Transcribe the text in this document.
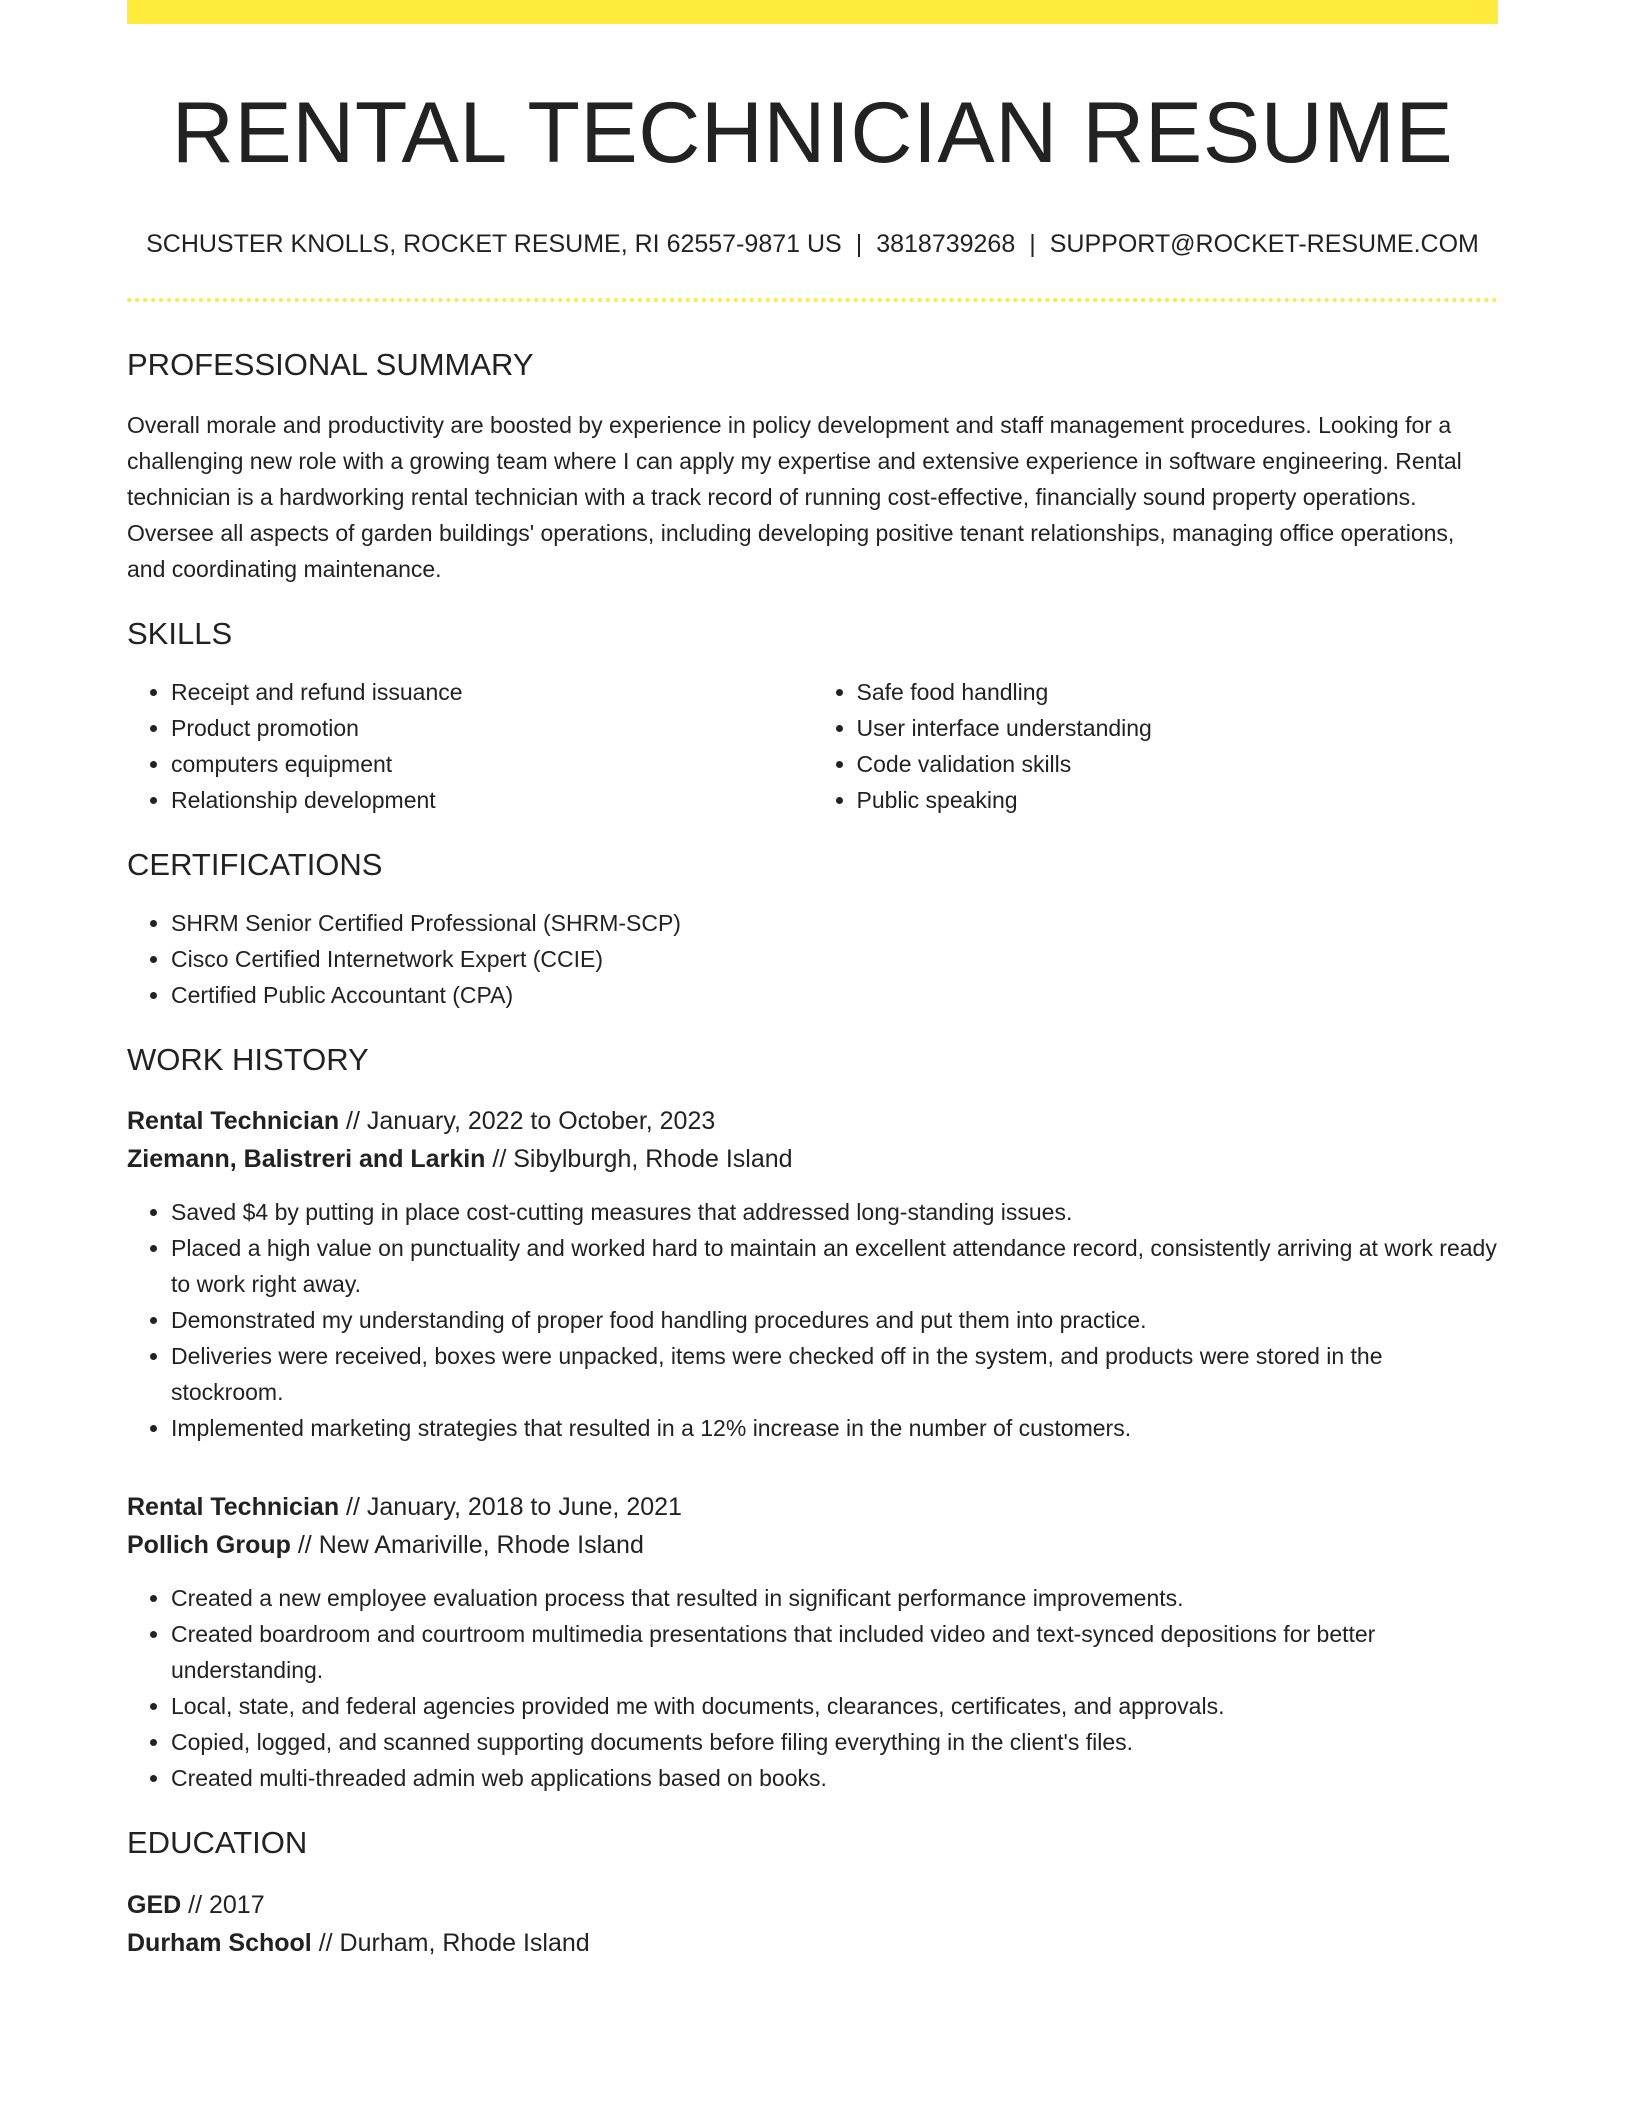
RENTAL TECHNICIAN RESUME
SCHUSTER KNOLLS, ROCKET RESUME, RI 62557-9871 US | 3818739268 | SUPPORT@ROCKET-RESUME.COM
PROFESSIONAL SUMMARY
Overall morale and productivity are boosted by experience in policy development and staff management procedures. Looking for a challenging new role with a growing team where I can apply my expertise and extensive experience in software engineering. Rental technician is a hardworking rental technician with a track record of running cost-effective, financially sound property operations. Oversee all aspects of garden buildings' operations, including developing positive tenant relationships, managing office operations, and coordinating maintenance.
SKILLS
• Receipt and refund issuance
• Product promotion
• computers equipment
• Relationship development
• Safe food handling
• User interface understanding
• Code validation skills
• Public speaking
CERTIFICATIONS
• SHRM Senior Certified Professional (SHRM-SCP)
• Cisco Certified Internetwork Expert (CCIE)
• Certified Public Accountant (CPA)
WORK HISTORY
Rental Technician // January, 2022 to October, 2023
Ziemann, Balistreri and Larkin // Sibylburgh, Rhode Island
• Saved $4 by putting in place cost-cutting measures that addressed long-standing issues.
• Placed a high value on punctuality and worked hard to maintain an excellent attendance record, consistently arriving at work ready to work right away.
• Demonstrated my understanding of proper food handling procedures and put them into practice.
• Deliveries were received, boxes were unpacked, items were checked off in the system, and products were stored in the stockroom.
• Implemented marketing strategies that resulted in a 12% increase in the number of customers.
Rental Technician // January, 2018 to June, 2021
Pollich Group // New Amariville, Rhode Island
• Created a new employee evaluation process that resulted in significant performance improvements.
• Created boardroom and courtroom multimedia presentations that included video and text-synced depositions for better understanding.
• Local, state, and federal agencies provided me with documents, clearances, certificates, and approvals.
• Copied, logged, and scanned supporting documents before filing everything in the client's files.
• Created multi-threaded admin web applications based on books.
EDUCATION
GED // 2017
Durham School // Durham, Rhode Island
